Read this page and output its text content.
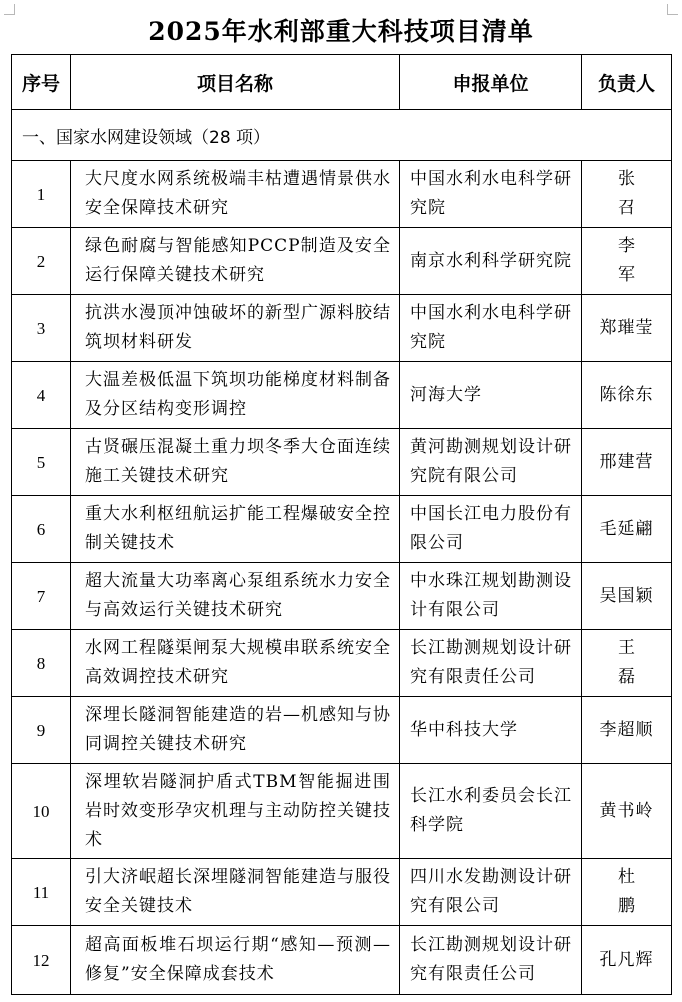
2025年水利部重大科技项目清单
序号	项目名称	申报单位	负责人
一、国家水网建设领域（28 项）			
1	大尺度水网系统极端丰枯遭遇情景供水安全保障技术研究	中国水利水电科学研究院	张召
2	绿色耐腐与智能感知PCCP制造及安全运行保障关键技术研究	南京水利科学研究院	李军
3	抗洪水漫顶冲蚀破坏的新型广源料胶结筑坝材料研发	中国水利水电科学研究院	郑璀莹
4	大温差极低温下筑坝功能梯度材料制备及分区结构变形调控	河海大学	陈徐东
5	古贤碾压混凝土重力坝冬季大仓面连续施工关键技术研究	黄河勘测规划设计研究院有限公司	邢建营
6	重大水利枢纽航运扩能工程爆破安全控制关键技术	中国长江电力股份有限公司	毛延翩
7	超大流量大功率离心泵组系统水力安全与高效运行关键技术研究	中水珠江规划勘测设计有限公司	吴国颖
8	水网工程隧渠闸泵大规模串联系统安全高效调控技术研究	长江勘测规划设计研究有限责任公司	王磊
9	深埋长隧洞智能建造的岩—机感知与协同调控关键技术研究	华中科技大学	李超顺
10	深埋软岩隧洞护盾式TBM智能掘进围岩时效变形孕灾机理与主动防控关键技术	长江水利委员会长江科学院	黄书岭
11	引大济岷超长深埋隧洞智能建造与服役安全关键技术	四川水发勘测设计研究有限公司	杜鹏
12	超高面板堆石坝运行期“感知—预测—修复”安全保障成套技术	长江勘测规划设计研究有限责任公司	孔凡辉
